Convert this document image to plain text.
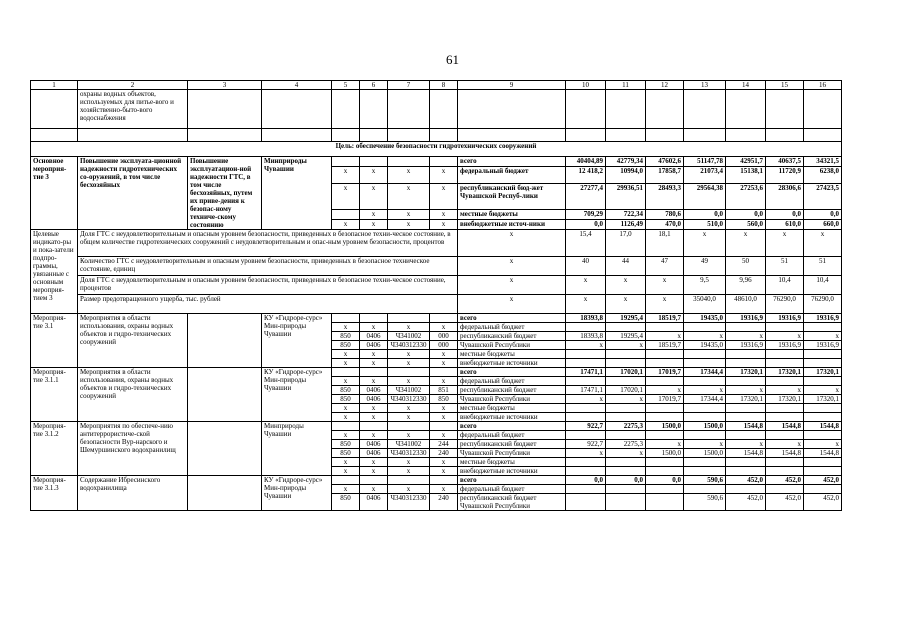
61
1	2	3	4	5	6	7	8	9	10	11	12	13	14	15	16
	охраны водных объектов, используемых для питье-вого и хозяйственно-быто-вого водоснабжения														

Цель: обеспечение безопасности гидротехнических сооружений															
Основное мероприя-тие 3	Повышение эксплуата-ционной надежности гидротехнических со-оружений, в том числе бесхозяйных	Повышение эксплуатацион-ной надежности ГТС, в том числе бесхозяйных, путем их приве-дения к безопас-ному техниче-скому состоянию	Минприроды Чувашии					всего	40404,89	42779,34	47602,6	51147,78	42951,7	40637,5	34321,5
				x	x	x	x	федеральный бюджет	12 418,2	10994,0	17858,7	21073,4	15138,1	11720,9	6238,0
				x	x	x	x	республиканский бюд-жет Чувашской Респуб-лики	27277,4	29936,51	28493,3	29564,38	27253,6	28306,6	27423,5
					x	x	x	местные бюджеты	709,29	722,34	780,6	0,0	0,0	0,0	0,0
				x	x	x	x	внебюджетные источ-ники	0,0	1126,49	470,0	510,0	560,0	610,0	660,0
Целевые индикато-ры и пока-затели подпро-граммы, увязанные с основным мероприя-тием 3	Доля ГТС с неудовлетворительным и опасным уровнем безопасности, приведенных в безопасное техни-ческое состояние, в общем количестве гидротехнических сооружений с неудовлетворительным и опас-ным уровнем безопасности, процентов							x	15,4	17,0	18,1	x	x	x	x
	Количество ГТС с неудовлетворительным и опасным уровнем безопасности, приведенных в безопасное техническое состояние, единиц							x	40	44	47	49	50	51	51
	Доля ГТС с неудовлетворительным и опасным уровнем безопасности, приведенных в безопасное техни-ческое состояние, процентов							x	x	x	x	9,5	9,96	10,4	10,4
	Размер предотвращенного ущерба, тыс. рублей							x	x	x	x	35040,0	48610,0	76290,0	76290,0
Мероприя-тие 3.1	Мероприятия в области использования, охраны водных объектов и гидро-технических сооружений		КУ «Гидроре-сурс» Мин-природы Чувашии					всего	18393,8	19295,4	18519,7	19435,0	19316,9	19316,9	19316,9
				x	x	x	x	федеральный бюджет							
				850	0406	Ч341002	000	республиканский бюджет	18393,8	19295,4	x	x	x	x	x
				850	0406	Ч340312330	000	Чувашской Республики	x	x	18519,7	19435,0	19316,9	19316,9	19316,9
				x	x	x	x	местные бюджеты							
				x	x	x	x	внебюджетные источники							
Мероприя-тие 3.1.1	Мероприятия в области использования, охраны водных объектов и гидро-технических сооружений		КУ «Гидроре-сурс» Мин-природы Чувашии					всего	17471,1	17020,1	17019,7	17344,4	17320,1	17320,1	17320,1
				x	x	x	x	федеральный бюджет							
				850	0406	Ч341002	851	республиканский бюджет	17471,1	17020,1	x	x	x	x	x
				850	0406	Ч340312330	850	Чувашской Республики	x	x	17019,7	17344,4	17320,1	17320,1	17320,1
				x	x	x	x	местные бюджеты							
				x	x	x	x	внебюджетные источники							
Мероприя-тие 3.1.2	Мероприятия по обеспече-нию антитеррористиче-ской безопасности Вур-нарского и Шемуршинского водохранилищ		Минприроды Чувашии					всего	922,7	2275,3	1500,0	1500,0	1544,8	1544,8	1544,8
				x	x	x	x	федеральный бюджет							
				850	0406	Ч341002	244	республиканский бюджет	922,7	2275,3	x	x	x	x	x
				850	0406	Ч340312330	240	Чувашской Республики	x	x	1500,0	1500,0	1544,8	1544,8	1544,8
				x	x	x	x	местные бюджеты							
				x	x	x	x	внебюджетные источники							
Мероприя-тие 3.1.3	Содержание Ибресинского водохранилища		КУ «Гидроре-сурс» Мин-природы Чувашии					всего	0,0	0,0	0,0	590,6	452,0	452,0	452,0
				x	x	x	x	федеральный бюджет							
				850	0406	Ч340312330	240	республиканский бюджет Чувашской Республики				590,6	452,0	452,0	452,0
